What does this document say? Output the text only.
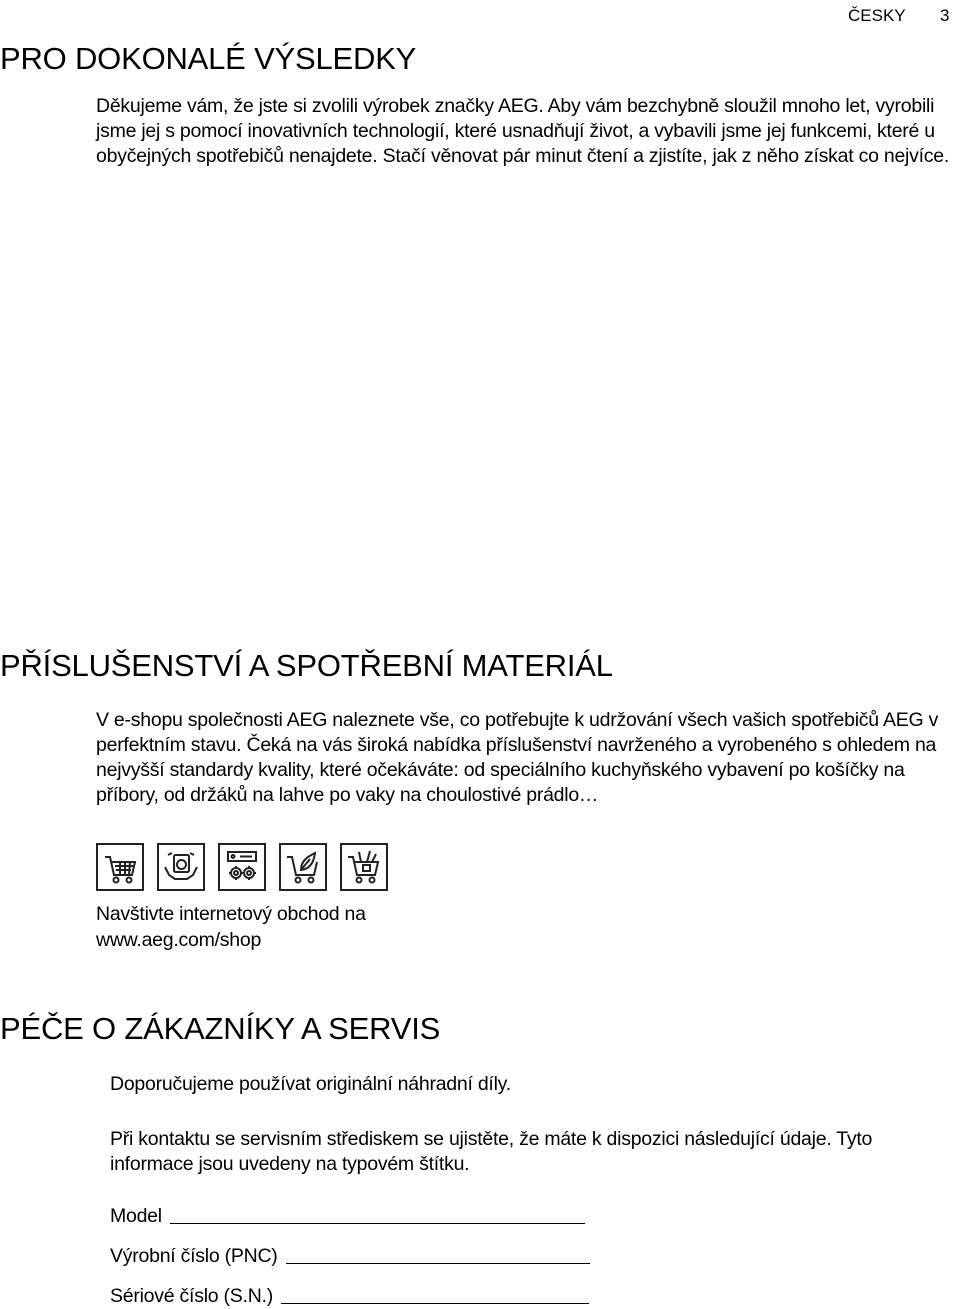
ČESKY 3
PRO DOKONALÉ VÝSLEDKY
Děkujeme vám, že jste si zvolili výrobek značky AEG. Aby vám bezchybně sloužil mnoho let, vyrobili jsme jej s pomocí inovativních technologií, které usnadňují život, a vybavili jsme jej funkcemi, které u obyčejných spotřebičů nenajdete. Stačí věnovat pár minut čtení a zjistíte, jak z něho získat co nejvíce.
PŘÍSLUŠENSTVÍ A SPOTŘEBNÍ MATERIÁL
V e-shopu společnosti AEG naleznete vše, co potřebujte k udržování všech vašich spotřebičů AEG v perfektním stavu. Čeká na vás široká nabídka příslušenství navrženého a vyrobeného s ohledem na nejvyšší standardy kvality, které očekáváte: od speciálního kuchyňského vybavení po košíčky na příbory, od držáků na lahve po vaky na choulostivé prádlo…
Navštivte internetový obchod na
www.aeg.com/shop
PÉČE O ZÁKAZNÍKY A SERVIS
Doporučujeme používat originální náhradní díly.
Při kontaktu se servisním střediskem se ujistěte, že máte k dispozici následující údaje. Tyto informace jsou uvedeny na typovém štítku.
Model
Výrobní číslo (PNC)
Sériové číslo (S.N.)
